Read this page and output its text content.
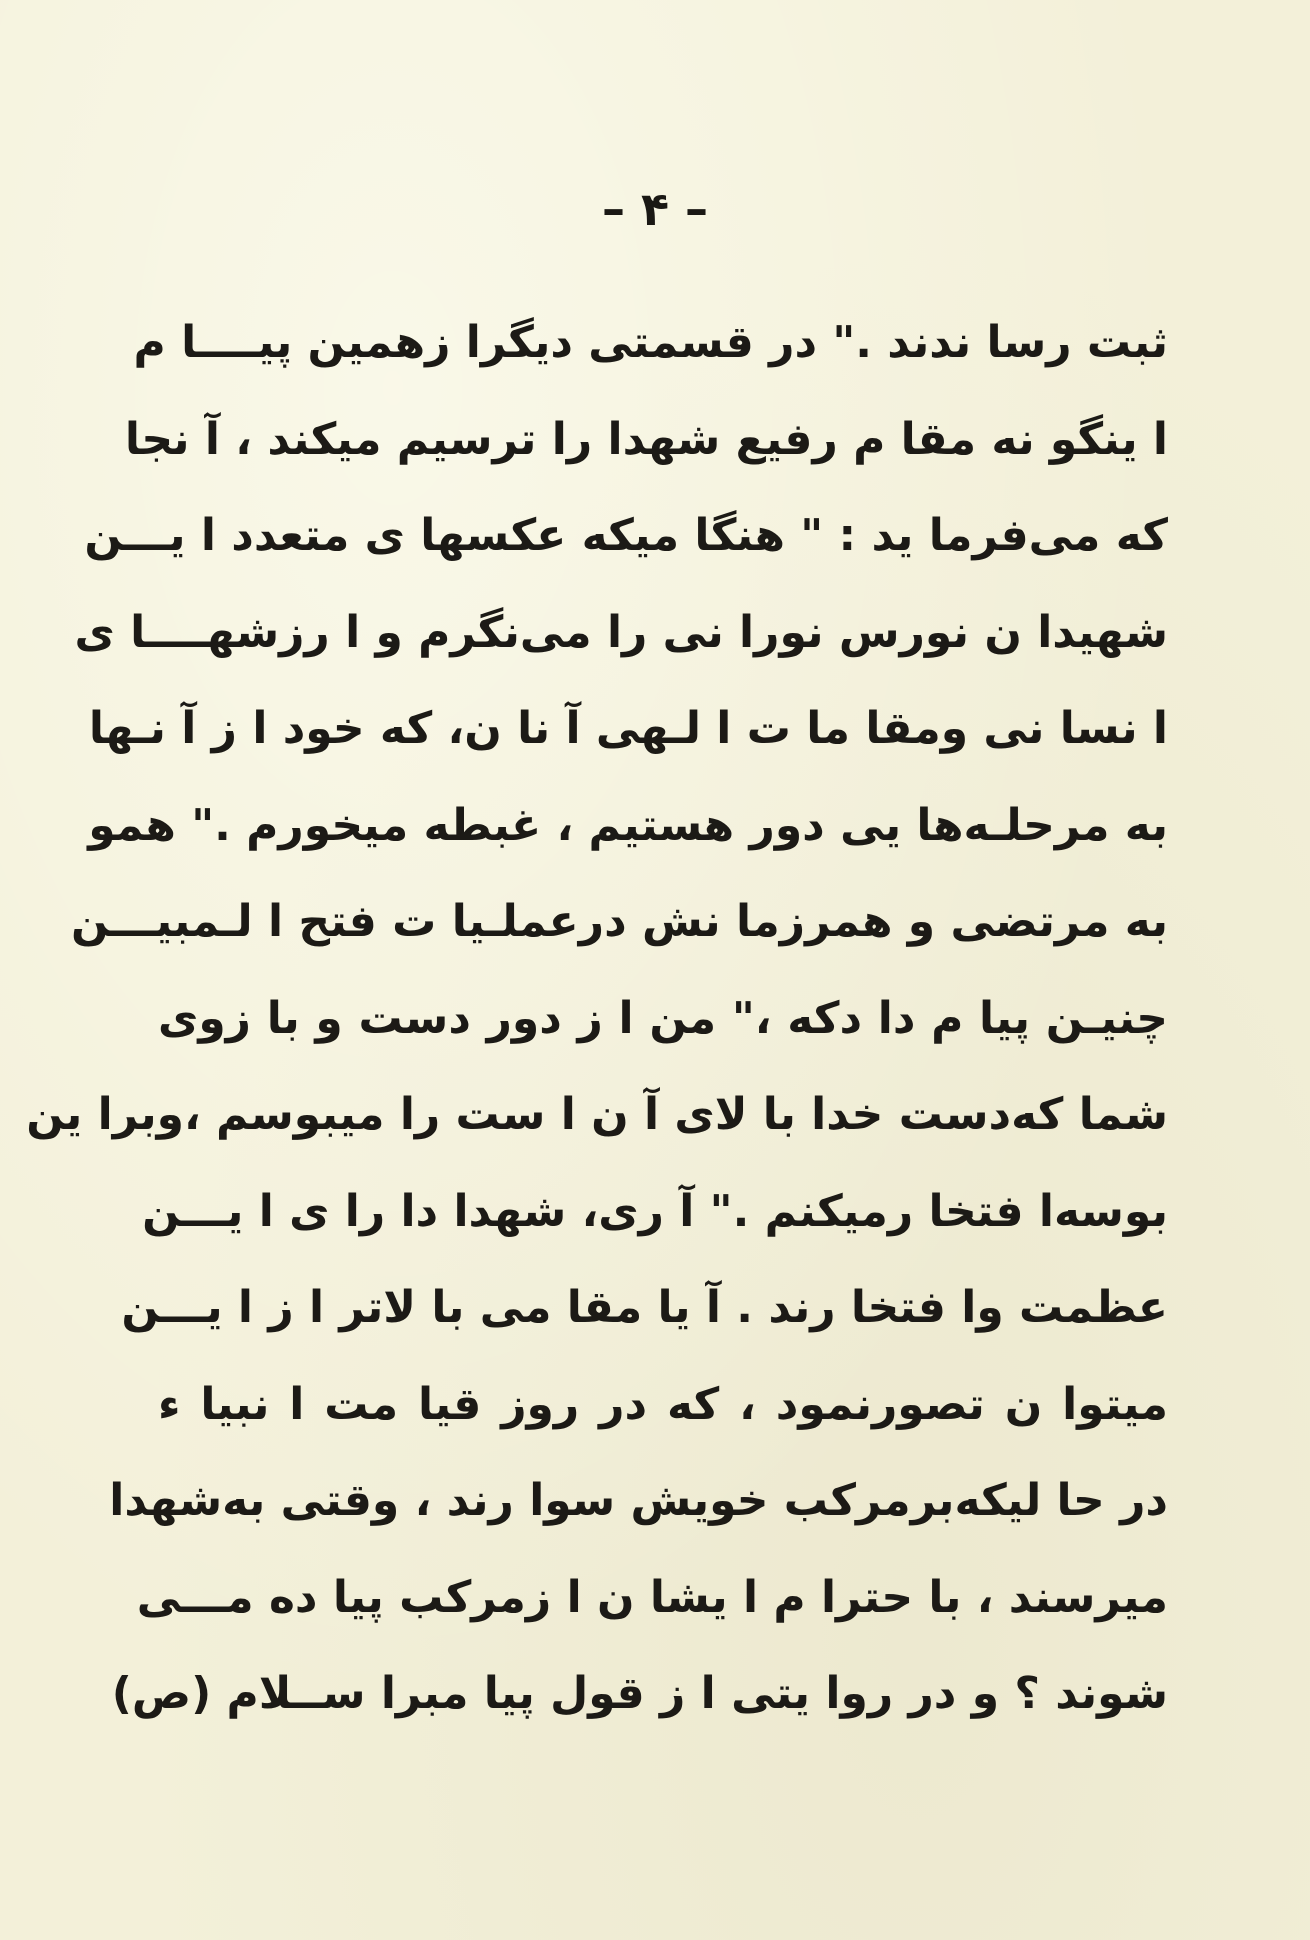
– ۴ –
ثبت رسا ندند ." در قسمتی دیگرا زهمین پیــــا م
ا ینگو نه مقا م رفیع شهدا را ترسیم میکند ، آ نجا
که می‌فرما ید : " هنگا میکه عکسها ی متعدد ا یـــن
شهیدا ن نورس نورا نی را می‌نگرم و ا رزشهــــا ی
ا نسا نی ومقا ما ت ا لـهی آ نا ن، که خود ا ز آ نـها
به مرحلـه‌ها یی دور هستیم ، غبطه میخورم ." همو
به مرتضی و همرزما نش درعملـیا ت فتح ا لـمبیـــن
چنیـن پیا م دا دکه ،" من ا ز دور دست و با زوی
شما که‌دست خدا با لای آ ن ا ست را میبوسم ،وبرا ین
بوسه‌ا فتخا رمیکنم ." آ ری، شهدا دا را ی ا یـــن
عظمت وا فتخا رند . آ یا مقا می با لاتر ا ز ا یـــن
میتوا ن تصورنمود ، که در روز قیا مت ا نبیا ء
در حا لیکه‌برمرکب خویش سوا رند ، وقتی به‌شهدا
میرسند ، با حترا م ا یشا ن ا زمرکب پیا ده مـــی
شوند ؟ و در روا یتی ا ز قول پیا مبرا ســلام (ص)
